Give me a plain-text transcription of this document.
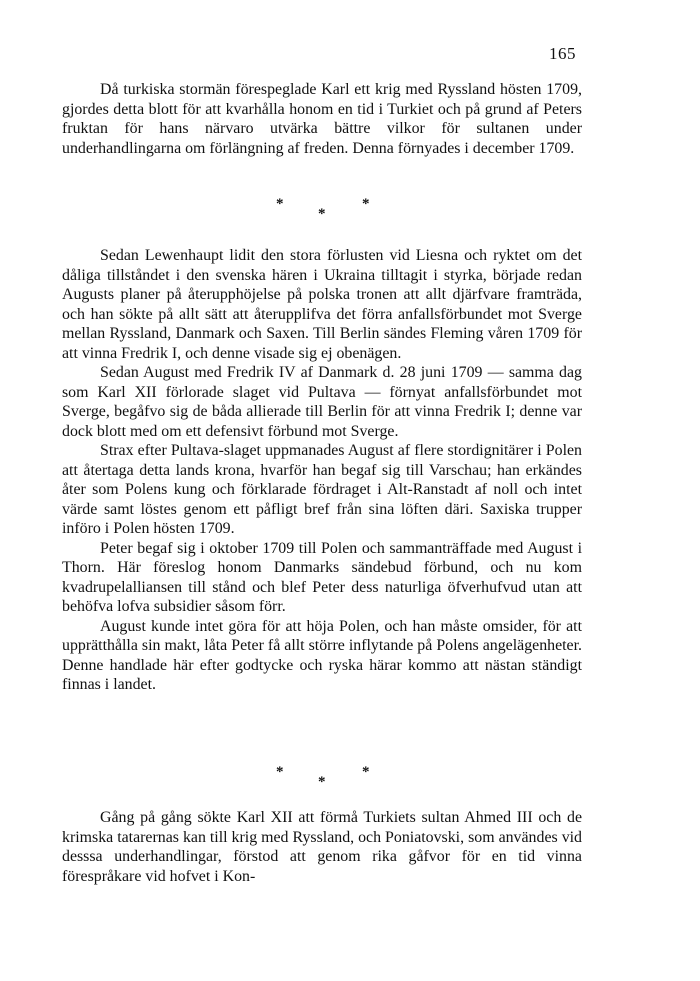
165

Då turkiska stormän förespeglade Karl ett krig med Ryssland hösten 1709, gjordes detta blott för att kvarhålla honom en tid i Turkiet och på grund af Peters fruktan för hans närvaro utvärka bättre vilkor för sultanen under underhandlingarna om förlängning af freden. Denna förnyades i december 1709.

*
*
*

Sedan Lewenhaupt lidit den stora förlusten vid Liesna och ryktet om det dåliga tillståndet i den svenska hären i Ukraina tilltagit i styrka, började redan Augusts planer på återupphöjelse på polska tronen att allt djärfvare framträda, och han sökte på allt sätt att återupplifva det förra anfallsförbundet mot Sverge mellan Ryssland, Danmark och Saxen. Till Berlin sändes Fleming våren 1709 för att vinna Fredrik I, och denne visade sig ej obenägen.

Sedan August med Fredrik IV af Danmark d. 28 juni 1709 — samma dag som Karl XII förlorade slaget vid Pultava — förnyat anfallsförbundet mot Sverge, begåfvo sig de båda allierade till Berlin för att vinna Fredrik I; denne var dock blott med om ett defensivt förbund mot Sverge.

Strax efter Pultava-slaget uppmanades August af flere stordignitärer i Polen att återtaga detta lands krona, hvarför han begaf sig till Varschau; han erkändes åter som Polens kung och förklarade fördraget i Alt-Ranstadt af noll och intet värde samt löstes genom ett påfligt bref från sina löften däri. Saxiska trupper införo i Polen hösten 1709.

Peter begaf sig i oktober 1709 till Polen och sammanträffade med August i Thorn. Här föreslog honom Danmarks sändebud förbund, och nu kom kvadrupelalliansen till stånd och blef Peter dess naturliga öfverhufvud utan att behöfva lofva subsidier såsom förr.

August kunde intet göra för att höja Polen, och han måste omsider, för att upprätthålla sin makt, låta Peter få allt större inflytande på Polens angelägenheter. Denne handlade här efter godtycke och ryska härar kommo att nästan ständigt finnas i landet.

*
*
*

Gång på gång sökte Karl XII att förmå Turkiets sultan Ahmed III och de krimska tatarernas kan till krig med Ryssland, och Poniatovski, som användes vid desssa underhandlingar, förstod att genom rika gåfvor för en tid vinna förespråkare vid hofvet i Kon-
